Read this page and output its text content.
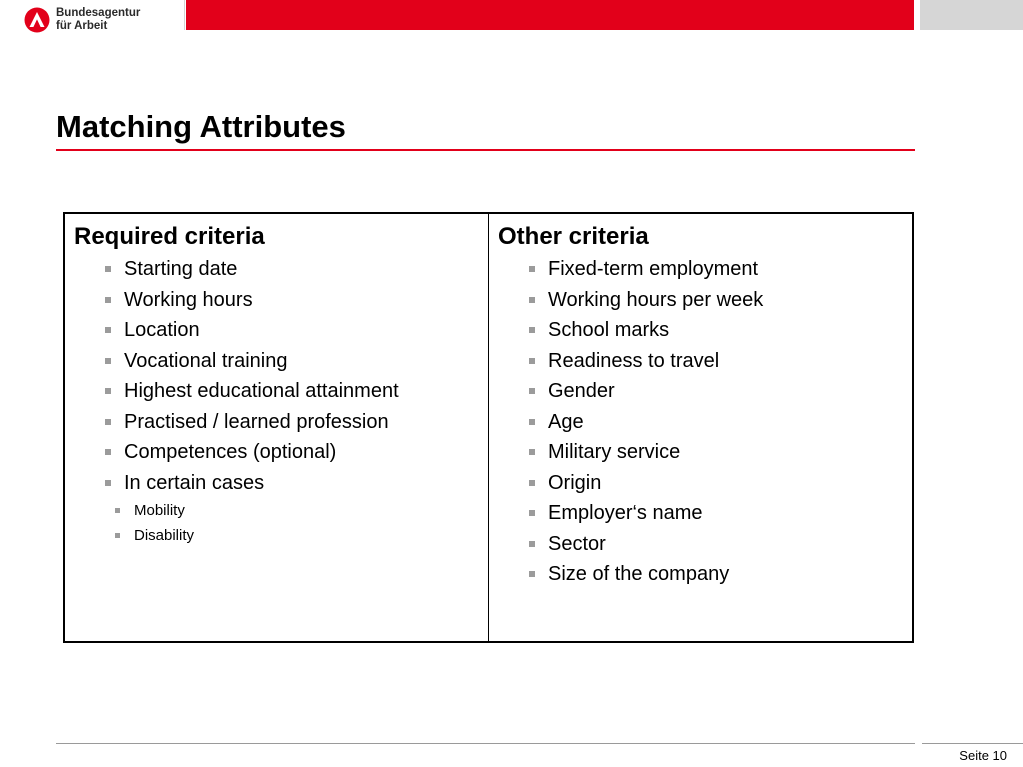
Bundesagentur
für Arbeit
Matching Attributes
Required criteria
Starting date
Working hours
Location
Vocational training
Highest educational attainment
Practised / learned profession
Competences (optional)
In certain cases
Mobility
Disability
Other criteria
Fixed-term employment
Working hours per week
School marks
Readiness to travel
Gender
Age
Military service
Origin
Employer‘s name
Sector
Size of the company
Seite 10
